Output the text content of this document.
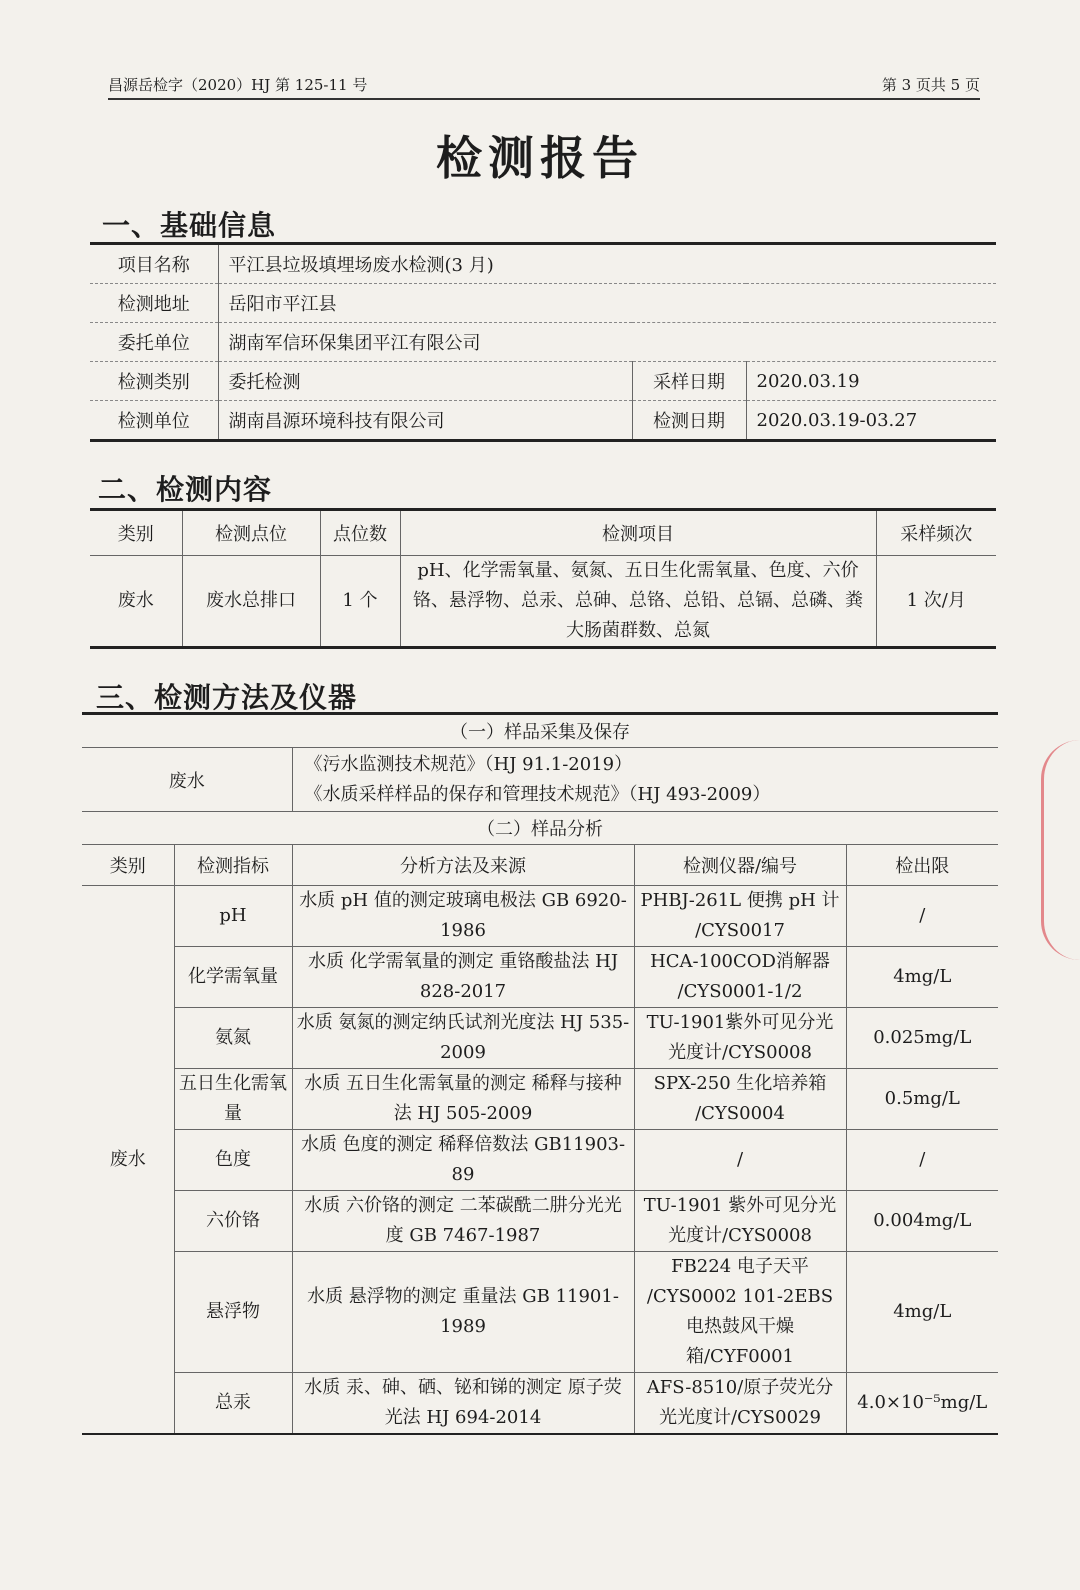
昌源岳检字（2020）HJ 第 125-11 号	第 3 页共 5 页
检测报告
一、基础信息
项目名称	平江县垃圾填埋场废水检测(3 月)		
检测地址	岳阳市平江县		
委托单位	湖南军信环保集团平江有限公司		
检测类别	委托检测	采样日期	2020.03.19
检测单位	湖南昌源环境科技有限公司	检测日期	2020.03.19-03.27
二、检测内容
类别	检测点位	点位数	检测项目	采样频次
废水	废水总排口	1 个	pH、化学需氧量、氨氮、五日生化需氧量、色度、六价铬、悬浮物、总汞、总砷、总铬、总铅、总镉、总磷、粪大肠菌群数、总氮	1 次/月
三、检测方法及仪器
（一）样品采集及保存				
废水		《污水监测技术规范》（HJ 91.1-2019）
《水质采样样品的保存和管理技术规范》（HJ 493-2009）		

（二）样品分析				
类别	检测指标	分析方法及来源	检测仪器/编号	检出限
废水	pH	水质 pH 值的测定玻璃电极法 GB 6920-1986	PHBJ-261L 便携 pH 计 /CYS0017	/
	化学需氧量	水质 化学需氧量的测定 重铬酸盐法 HJ 828-2017	HCA-100COD消解器 /CYS0001-1/2	4mg/L
	氨氮	水质 氨氮的测定纳氏试剂光度法 HJ 535-2009	TU-1901紫外可见分光光度计/CYS0008	0.025mg/L
	五日生化需氧量	水质 五日生化需氧量的测定 稀释与接种法 HJ 505-2009	SPX-250 生化培养箱 /CYS0004	0.5mg/L
	色度	水质 色度的测定 稀释倍数法 GB11903-89	/	/
	六价铬	水质 六价铬的测定 二苯碳酰二肼分光光度 GB 7467-1987	TU-1901 紫外可见分光光度计/CYS0008	0.004mg/L
	悬浮物	水质 悬浮物的测定 重量法 GB 11901-1989	FB224 电子天平 /CYS0002 101-2EBS 电热鼓风干燥箱/CYF0001	4mg/L
	总汞	水质 汞、砷、硒、铋和锑的测定 原子荧光法 HJ 694-2014	AFS-8510/原子荧光分光光度计/CYS0029	4.0×10⁻⁵mg/L
